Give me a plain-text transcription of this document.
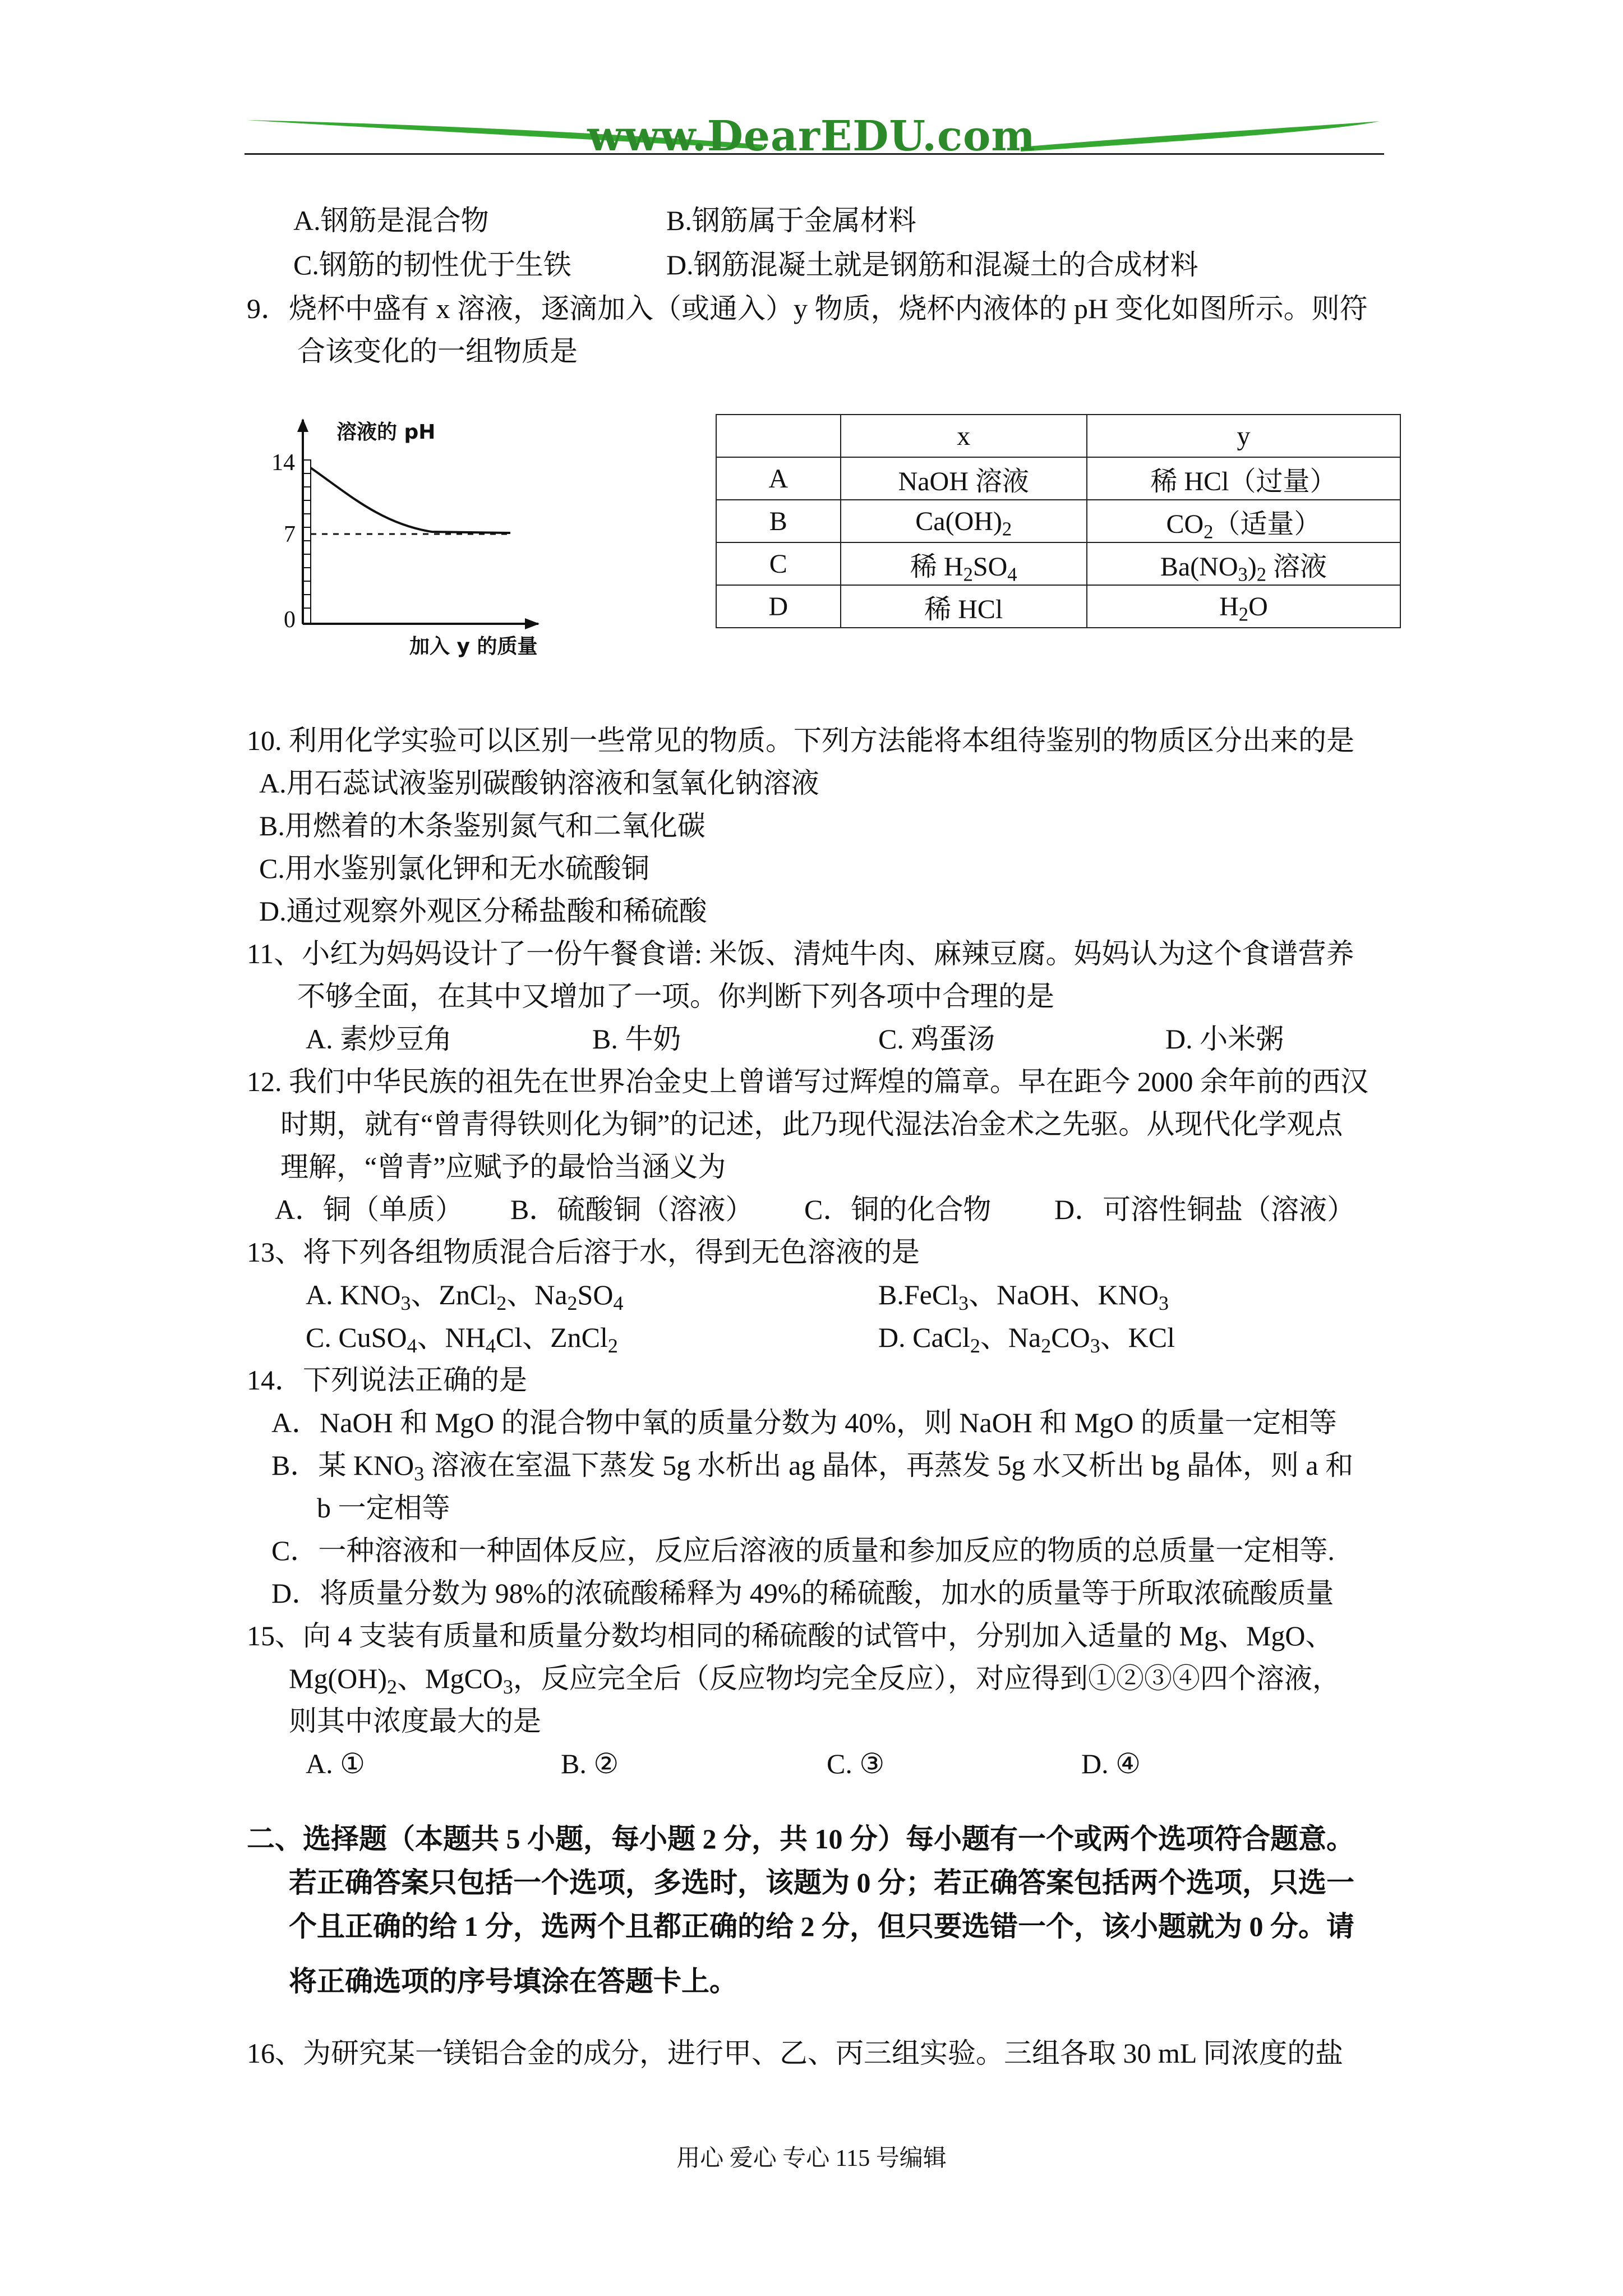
www.DearEDU.com
A.钢筋是混合物	B.钢筋属于金属材料
C.钢筋的韧性优于生铁	D.钢筋混凝土就是钢筋和混凝土的合成材料
9．烧杯中盛有 x 溶液，逐滴加入（或通入）y 物质，烧杯内液体的 pH 变化如图所示。则符
合该变化的一组物质是
溶液的 pH
14
7
0
加入 y 的质量
	x	y
A	NaOH 溶液	稀 HCl（过量）
B	$Ca(OH)_2$	$CO_2$（适量）
C	稀 $H_2SO_4$	$Ba(NO_3)_2$ 溶液
D	稀 HCl	$H_2O$
10. 利用化学实验可以区别一些常见的物质。下列方法能将本组待鉴别的物质区分出来的是
A.用石蕊试液鉴别碳酸钠溶液和氢氧化钠溶液
B.用燃着的木条鉴别氮气和二氧化碳
C.用水鉴别氯化钾和无水硫酸铜
D.通过观察外观区分稀盐酸和稀硫酸
11、小红为妈妈设计了一份午餐食谱: 米饭、清炖牛肉、麻辣豆腐。妈妈认为这个食谱营养
不够全面，在其中又增加了一项。你判断下列各项中合理的是
A. 素炒豆角	B. 牛奶	C. 鸡蛋汤	D. 小米粥
12. 我们中华民族的祖先在世界冶金史上曾谱写过辉煌的篇章。早在距今 2000 余年前的西汉
时期，就有“曾青得铁则化为铜”的记述，此乃现代湿法冶金术之先驱。从现代化学观点
理解，“曾青”应赋予的最恰当涵义为
A．铜（单质） B．硫酸铜（溶液） C．铜的化合物 D．可溶性铜盐（溶液）
13、将下列各组物质混合后溶于水，得到无色溶液的是
A. $KNO_3$、ZnCl$_2$、$Na_2SO_4$	B.FeCl$_3$、NaOH、$KNO_3$
C. CuSO$_4$、$NH_4Cl$、ZnCl$_2$	D. CaCl$_2$、$Na_2CO_3$、KCl
14．下列说法正确的是
A．NaOH 和 MgO 的混合物中氧的质量分数为 40%，则 NaOH 和 MgO 的质量一定相等
B．某 $KNO_3$ 溶液在室温下蒸发 5g 水析出 ag 晶体，再蒸发 5g 水又析出 bg 晶体，则 a 和
b 一定相等
C．一种溶液和一种固体反应，反应后溶液的质量和参加反应的物质的总质量一定相等.
D．将质量分数为 98%的浓硫酸稀释为 49%的稀硫酸，加水的质量等于所取浓硫酸质量
15、向 4 支装有质量和质量分数均相同的稀硫酸的试管中，分别加入适量的 Mg、MgO、
$Mg(OH)_2$、MgCO$_3$，反应完全后（反应物均完全反应），对应得到①②③④四个溶液，
则其中浓度最大的是
A. ①	B. ②	C. ③	D. ④
二、选择题（本题共 5 小题，每小题 2 分，共 10 分）每小题有一个或两个选项符合题意。
若正确答案只包括一个选项，多选时，该题为 0 分；若正确答案包括两个选项，只选一
个且正确的给 1 分，选两个且都正确的给 2 分，但只要选错一个，该小题就为 0 分。请
将正确选项的序号填涂在答题卡上。
16、为研究某一镁铝合金的成分，进行甲、乙、丙三组实验。三组各取 30 mL 同浓度的盐
用心 爱心 专心 115 号编辑
